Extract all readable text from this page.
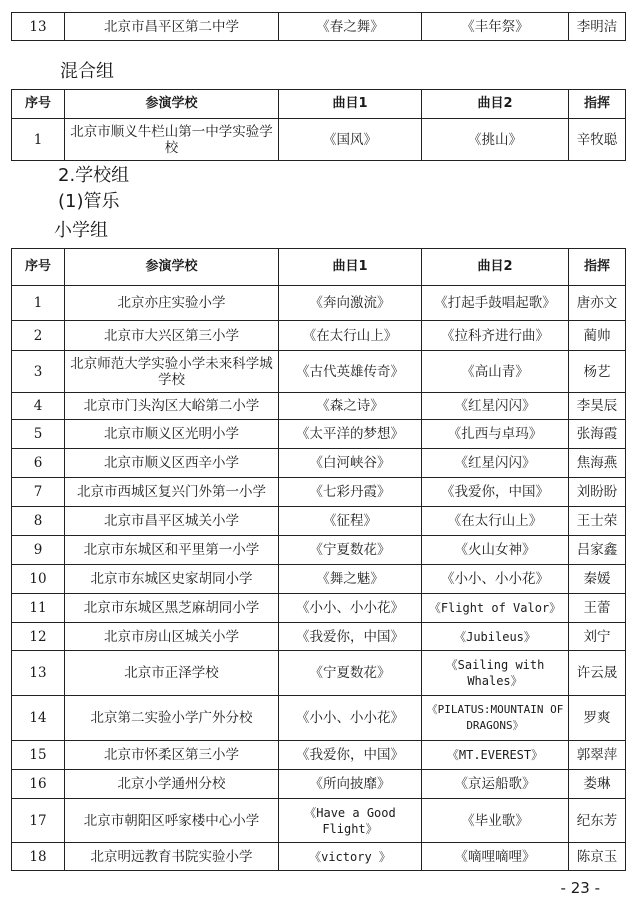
13	北京市昌平区第二中学	《春之舞》	《丰年祭》	李明洁
混合组
序号	参演学校	曲目1	曲目2	指挥
1	北京市顺义牛栏山第一中学实验学校	《国风》	《挑山》	辛牧聪
2.学校组
(1)管乐
小学组
序号	参演学校	曲目1	曲目2	指挥
1	北京亦庄实验小学	《奔向激流》	《打起手鼓唱起歌》	唐亦文
2	北京市大兴区第三小学	《在太行山上》	《拉科齐进行曲》	蔺帅
3	北京师范大学实验小学未来科学城学校	《古代英雄传奇》	《高山青》	杨艺
4	北京市门头沟区大峪第二小学	《森之诗》	《红星闪闪》	李昊辰
5	北京市顺义区光明小学	《太平洋的梦想》	《扎西与卓玛》	张海霞
6	北京市顺义区西辛小学	《白河峡谷》	《红星闪闪》	焦海燕
7	北京市西城区复兴门外第一小学	《七彩丹霞》	《我爱你，中国》	刘盼盼
8	北京市昌平区城关小学	《征程》	《在太行山上》	王士荣
9	北京市东城区和平里第一小学	《宁夏数花》	《火山女神》	吕家鑫
10	北京市东城区史家胡同小学	《舞之魅》	《小小、小小花》	秦媛
11	北京市东城区黑芝麻胡同小学	《小小、小小花》	《Flight of Valor》	王蕾
12	北京市房山区城关小学	《我爱你，中国》	《Jubileus》	刘宁
13	北京市正泽学校	《宁夏数花》	《Sailing with Whales》	许云晟
14	北京第二实验小学广外分校	《小小、小小花》	《PILATUS:MOUNTAIN OF DRAGONS》	罗爽
15	北京市怀柔区第三小学	《我爱你，中国》	《MT.EVEREST》	郭翠萍
16	北京小学通州分校	《所向披靡》	《京运船歌》	娄琳
17	北京市朝阳区呼家楼中心小学	《Have a Good Flight》	《毕业歌》	纪东芳
18	北京明远教育书院实验小学	《victory 》	《嘀哩嘀哩》	陈京玉
- 23 -
